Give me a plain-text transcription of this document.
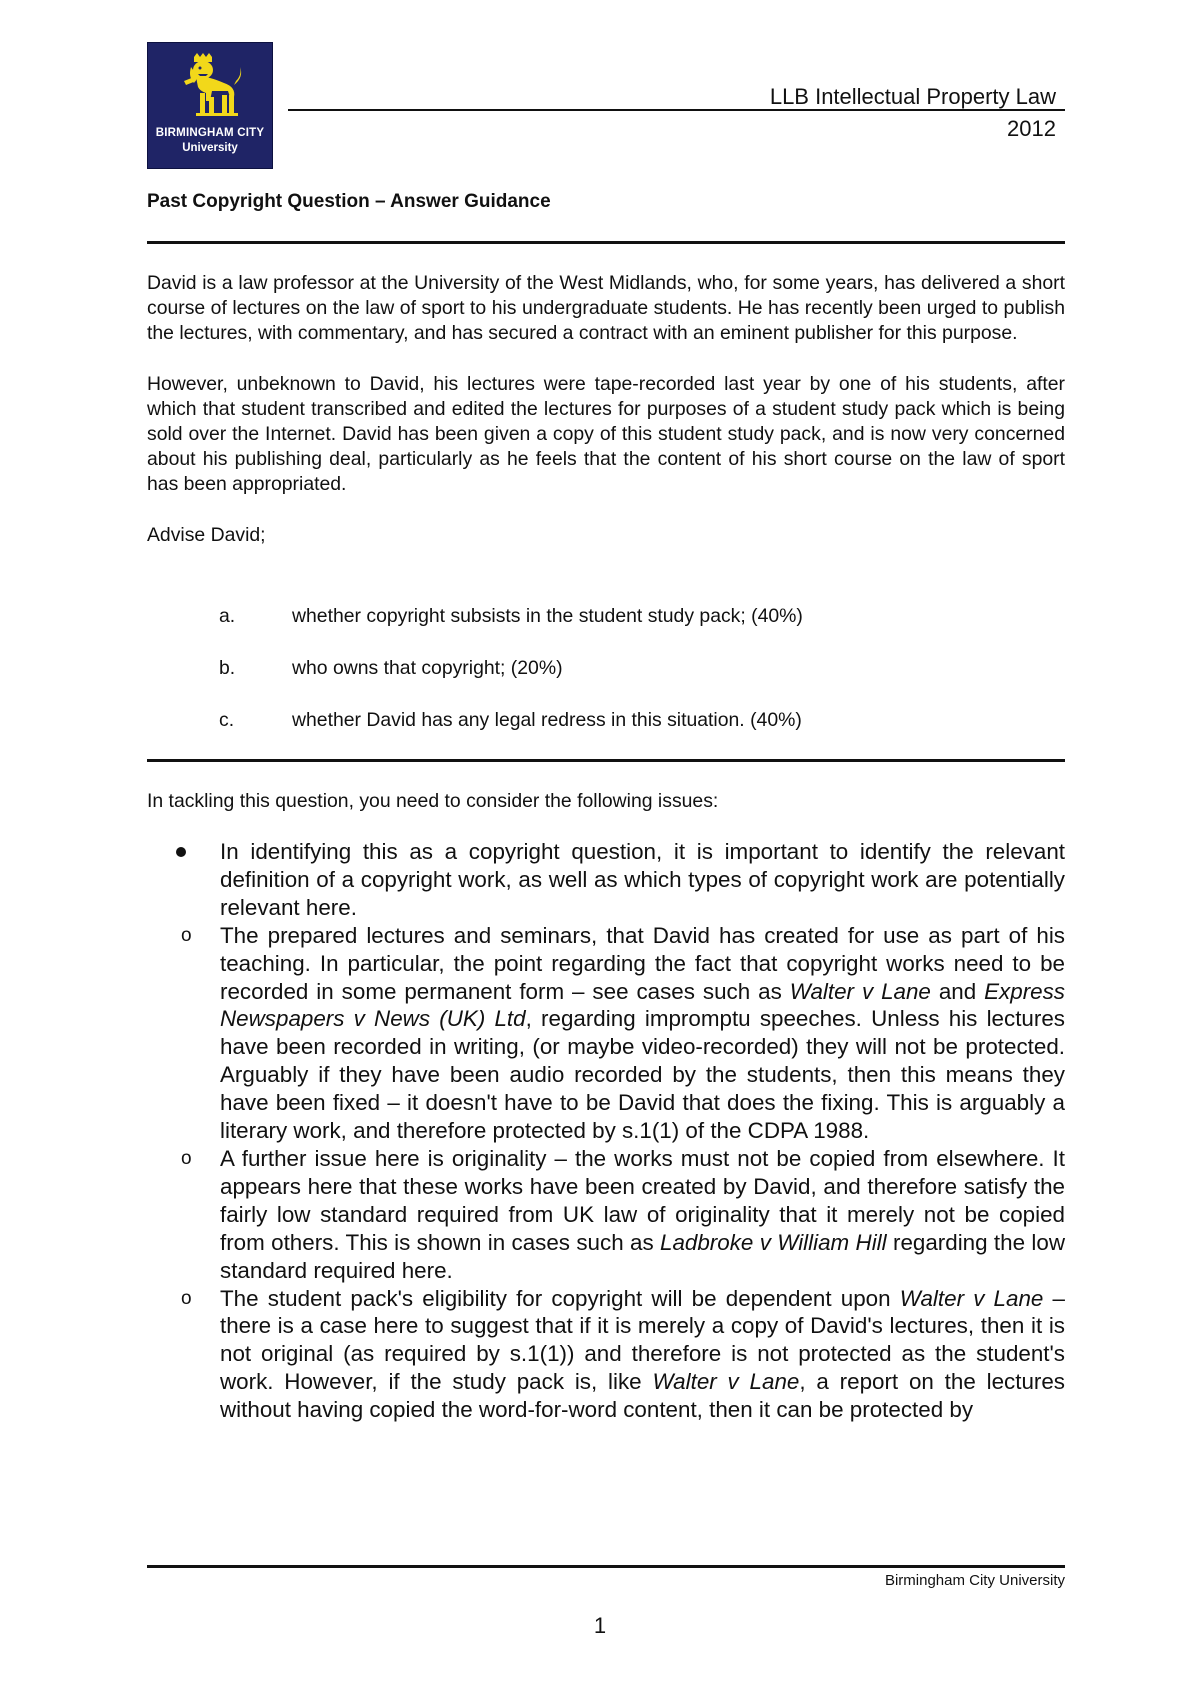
BIRMINGHAM CITY
University
LLB Intellectual Property Law
2012
Past Copyright Question – Answer Guidance

David is a law professor at the University of the West Midlands, who, for some years, has delivered a short course of lectures on the law of sport to his undergraduate students. He has recently been urged to publish the lectures, with commentary, and has secured a contract with an eminent publisher for this purpose.

However, unbeknown to David, his lectures were tape-recorded last year by one of his students, after which that student transcribed and edited the lectures for purposes of a student study pack which is being sold over the Internet. David has been given a copy of this student study pack, and is now very concerned about his publishing deal, particularly as he feels that the content of his short course on the law of sport has been appropriated.

Advise David;

a.	whether copyright subsists in the student study pack; (40%)
b.	who owns that copyright; (20%)
c.	whether David has any legal redress in this situation. (40%)
In tackling this question, you need to consider the following issues:
In identifying this as a copyright question, it is important to identify the relevant definition of a copyright work, as well as which types of copyright work are potentially relevant here.
o The prepared lectures and seminars, that David has created for use as part of his teaching. In particular, the point regarding the fact that copyright works need to be recorded in some permanent form – see cases such as Walter v Lane and Express Newspapers v News (UK) Ltd, regarding impromptu speeches. Unless his lectures have been recorded in writing, (or maybe video-recorded) they will not be protected. Arguably if they have been audio recorded by the students, then this means they have been fixed – it doesn't have to be David that does the fixing. This is arguably a literary work, and therefore protected by s.1(1) of the CDPA 1988.
o A further issue here is originality – the works must not be copied from elsewhere. It appears here that these works have been created by David, and therefore satisfy the fairly low standard required from UK law of originality that it merely not be copied from others. This is shown in cases such as Ladbroke v William Hill regarding the low standard required here.
o The student pack's eligibility for copyright will be dependent upon Walter v Lane – there is a case here to suggest that if it is merely a copy of David's lectures, then it is not original (as required by s.1(1)) and therefore is not protected as the student's work. However, if the study pack is, like Walter v Lane, a report on the lectures without having copied the word-for-word content, then it can be protected by
Birmingham City University
1
